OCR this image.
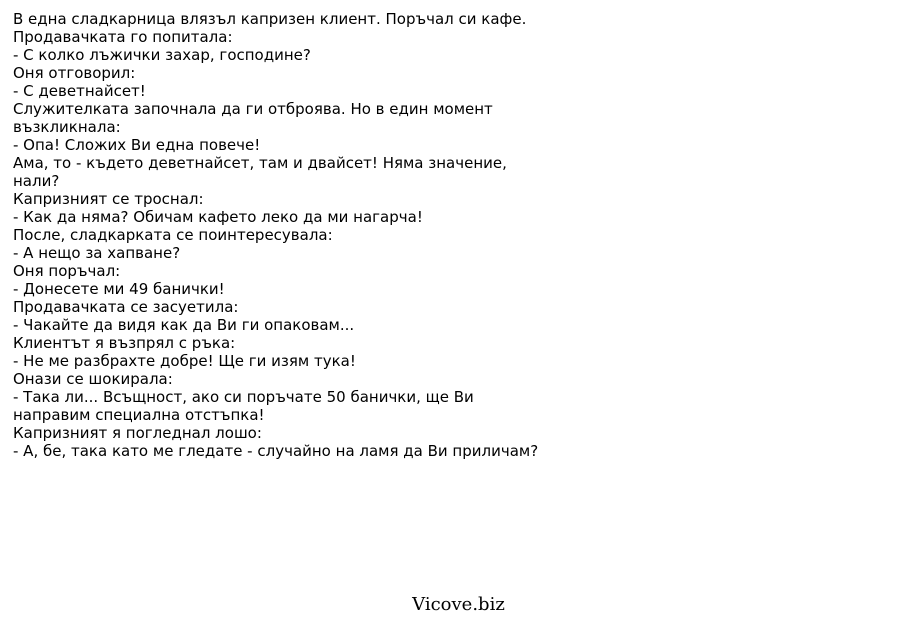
В една сладкарница влязъл капризен клиент. Поръчал си кафе.
Продавачката го попитала:
- С колко лъжички захар, господине?
Оня отговорил:
- С деветнайсет!
Служителката започнала да ги отброява. Но в един момент възкликнала:
- Опа! Сложих Ви една повече!
Ама, то - където деветнайсет, там и двайсет! Няма значение, нали?
Капризният се троснал:
- Как да няма? Обичам кафето леко да ми нагарча!
После, сладкарката се поинтересувала:
- А нещо за хапване?
Оня поръчал:
- Донесете ми 49 банички!
Продавачката се засуетила:
- Чакайте да видя как да Ви ги опаковам...
Клиентът я възпрял с ръка:
- Не ме разбрахте добре! Ще ги изям тука!
Онази се шокирала:
- Така ли... Всъщност, ако си поръчате 50 банички, ще Ви направим специална отстъпка!
Капризният я погледнал лошо:
- А, бе, така като ме гледате - случайно на ламя да Ви приличам?
Vicove.biz
